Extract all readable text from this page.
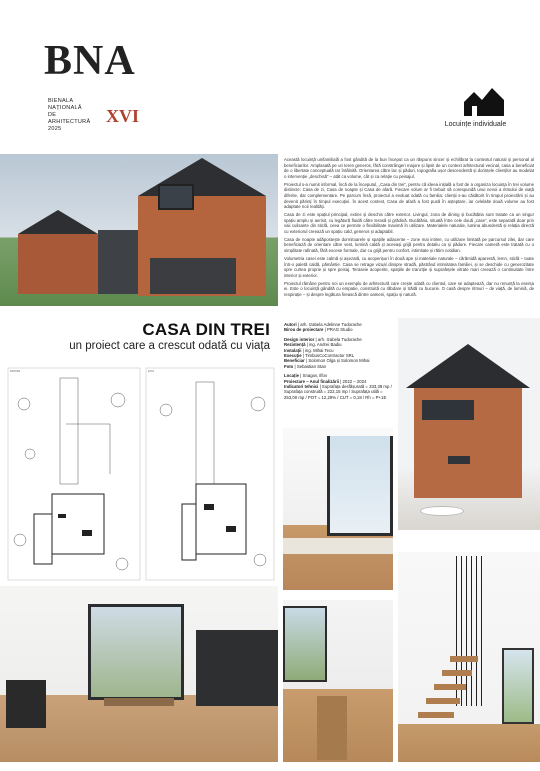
BNA
BIENALA
NAȚIONALĂ
DE
ARHITECTURĂ
2025
XVI	Locuințe individuale

Această locuință unifamilială a fost gândită de la bun început ca un răspuns sincer și echilibrat la contextul natural și personal al beneficiarilor. Amplasată pe un teren generos, fără constrângeri majore și lipsit de un context arhitectural vecinal, casa a beneficiat de o libertate conceptuală rar întâlnită. Orientarea către lac și păduri, topografia ușor descendentă și dorințele clienților au modelat o intervenție „deschisă” – atât ca volume, cât și ca relație cu peisajul.

Proiectul s-a numit informal, încă de la începutul, „Casa din trei”, pentru că ideea inițială a fost de a organiza locuința în trei volume distincte: Casa de zi, Casa de noapte și Casa de afară. Fiecare volum ar fi trebuit să corespundă unui nevoi a ritmului de viață diferite, dar complementare. Pe parcurs însă, proiectul a evoluat odată cu familia: clienții s-au căsătorit în timpul proiectării și au devenit părinți în timpul execuției. În acest context, Casa de afară a fost pusă în așteptare, iar celelalte două volume au fost adaptate noii realități.

Casa de zi este spațiul principal, extins și deschis către exterior. Livingul, zona de dining și bucătăria sunt tratate ca un singur spațiu amplu și aerisit, cu legătură fluidă către terasă și grădină. Bucătăria, situată între cele două „case”, este separată doar prin vaii culisante din sticlă, ceea ce permite o flexibilitate maximă în utilizare. Materialele naturale, lumina abundentă și relația directă cu exteriorul creează un spațiu cald, generos și adaptabil.

Casa de noapte adăpostește dormitoarele și spațiile adiacente – zone mai intime, cu utilizare limitată pe parcursul zilei, dar care beneficiază de orientare către vest, lumină caldă și aceeași grijă pentru detaliu ca și pădure. Fiecare cameră este tratată cu o simplitate rafinată, fără excese formale, dar cu grijă pentru confort, intimitate și rătim cotidian.

Volumetria casei este calmă și așezată, cu acoperișuri în două ape și materiale naturale – cărămidă aparentă, lemn, sticlă – toate într-o paletă caldă, pământie. Casa se retrage vizual dinspre stradă, păstrând intimitatea familiei, și se deschide cu generozitate spre curtea proprie și spre peisaj. Teraseie acoperite, spațiile de tranziție și suprafețele vitrate mari creează o continuitate între interior și exterior.

Proiectul rămâne pentru noi un exemplu de arhitectură care crește odată cu clientul, care se adaptează, dar nu renunță la esența ei. Este o locuință gândită cu empatie, construită cu răbdare și trăită cu bucurie. O casă despre ritmuri – de viață, de lumină, de respirație – și despre legătura firească dintre oameni, spațiu și natură.

CASA DIN TREI
un proiect care a crescut odată cu viața
Autori | arh. Izabela Adelinne Tudorache
Birou de proiectare | PRAG Studio
Design interior | arh. Izabela Tudorache
Rezistență | ing. Andrei Badiu
Instalații | ing. Mihai Tecu
Execuție | TimbusCoContractor SRL
Beneficiar | Solomon Olga și Solomon Mihai
Foto | Sebastian Stan
Locație | Snagov, Ilfov
Proiectare – Anul finalizării | 2022 – 2024
Indicatori tehnici | Suprafața desfășurată = 333,39 mp / Suprafața construită = 222,15 mp / Suprafața utilă = 253,00 mp / POT = 12,29% / CUT = 0,18 / Rh = P+1E
PARTER	ETAJ
